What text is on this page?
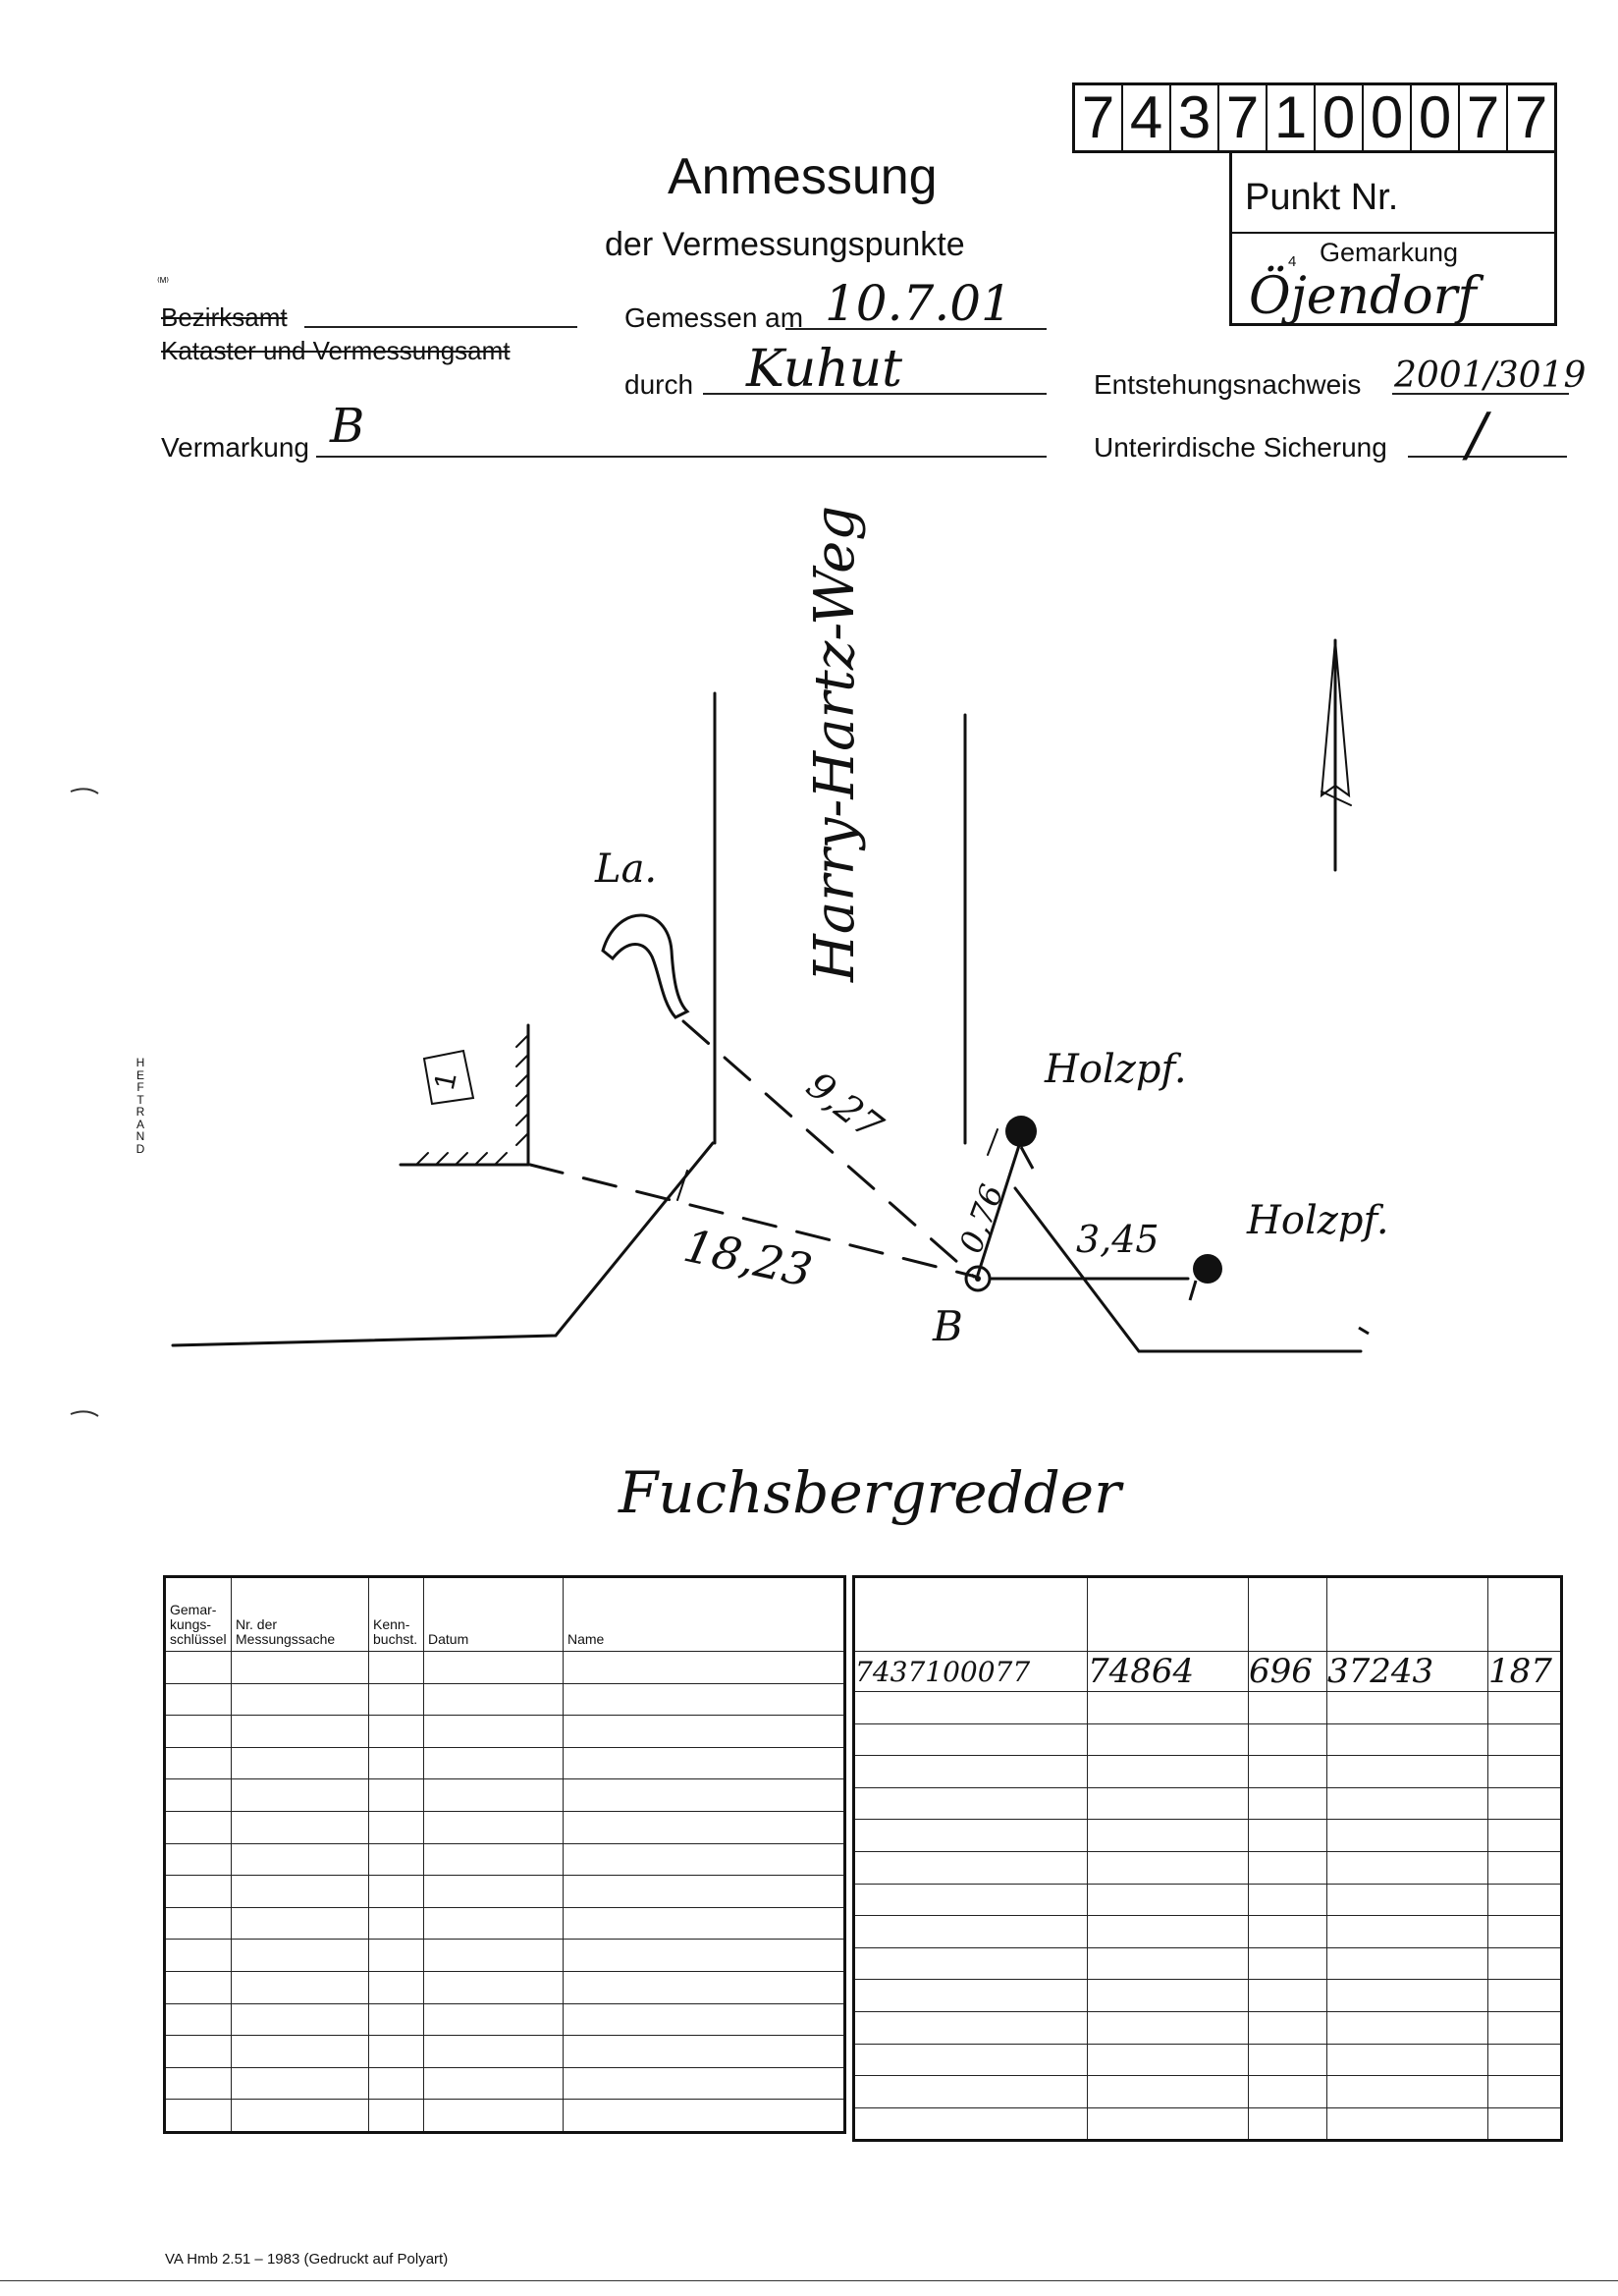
7 4 3 7 1 0 0 0 7 7
Punkt Nr.
4 Gemarkung
Öjendorf
Anmessung
der Vermessungspunkte
⁽ᴹ⁾
Bezirksamt
Kataster und Vermessungsamt
Vermarkung B
Gemessen am 10.7.01
durch Kuhut	Entstehungsnachweis 2001/3019
Unterirdische Sicherung /
HEFTRAND
Harry-Hartz-Weg
Fuchsbergredder
La.
1	Holzpf.
Holzpf.
9,27
18,23	0,76 3,45
B
Gemar-kungs-schlüssel	Nr. der Messungssache	Kenn-buchst.	Datum	Name

7437100077	74864	696	37243	187

VA Hmb 2.51 – 1983 (Gedruckt auf Polyart)
